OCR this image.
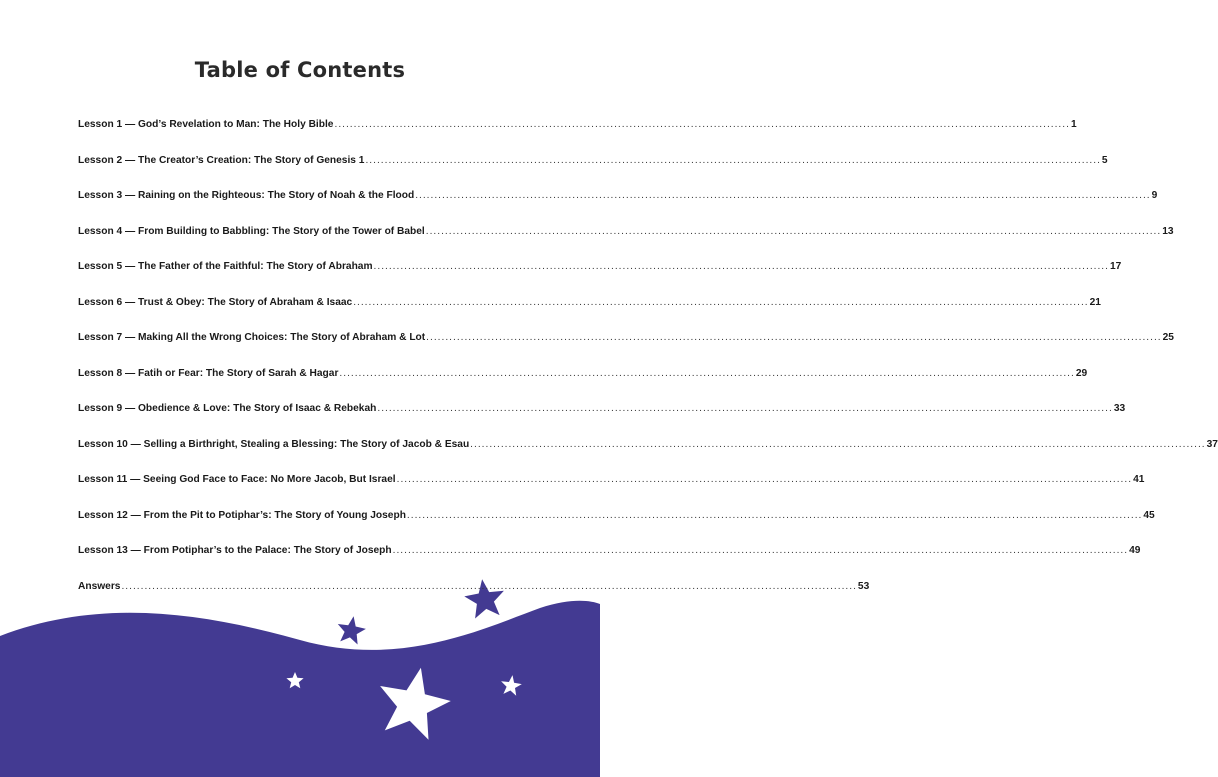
Table of Contents
Lesson 1 — God’s Revelation to Man: The Holy Bible .....	1
Lesson 2 — The Creator’s Creation: The Story of Genesis 1 .....	5
Lesson 3 — Raining on the Righteous: The Story of Noah & the Flood .....	9
Lesson 4 — From Building to Babbling: The Story of the Tower of Babel .....	13
Lesson 5 — The Father of the Faithful: The Story of Abraham .....	17
Lesson 6 — Trust & Obey: The Story of Abraham & Isaac .....	21
Lesson 7 — Making All the Wrong Choices: The Story of Abraham & Lot .....	25
Lesson 8 — Fatih or Fear: The Story of Sarah & Hagar .....	29
Lesson 9 — Obedience & Love: The Story of Isaac & Rebekah .....	33
Lesson 10 — Selling a Birthright, Stealing a Blessing: The Story of Jacob & Esau .....	37
Lesson 11 — Seeing God Face to Face: No More Jacob, But Israel .....	41
Lesson 12 — From the Pit to Potiphar’s: The Story of Young Joseph .....	45
Lesson 13 — From Potiphar’s to the Palace: The Story of Joseph .....	49
Answers .....	53
